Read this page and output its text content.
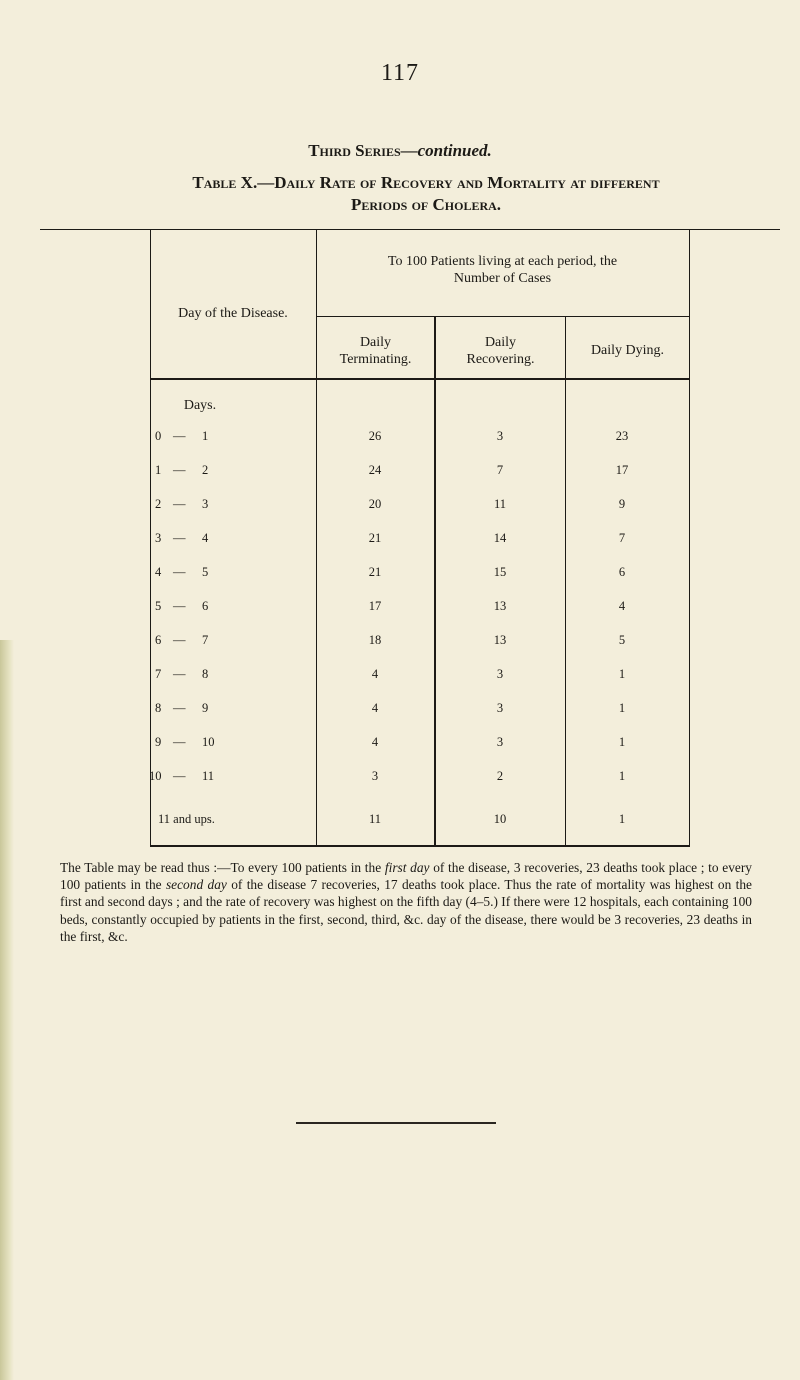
117
Third Series—continued.
Table X.—Daily Rate of Recovery and Mortality at different
Periods of Cholera.
Day of the Disease.
To 100 Patients living at each period, the
Number of Cases
Daily
Terminating.
Daily
Recovering.
Daily Dying.
Days.
0 — 1	26	3	23
1 — 2	24	7	17
2 — 3	20	11	9
3 — 4	21	14	7
4 — 5	21	15	6
5 — 6	17	13	4
6 — 7	18	13	5
7 — 8	4	3	1
8 — 9	4	3	1
9 — 10	4	3	1
10 — 11	3	2	1
11 and ups.	11	10	1
The Table may be read thus :—To every 100 patients in the first day of the disease, 3 recoveries, 23 deaths took place ; to every 100 patients in the second day of the disease 7 recoveries, 17 deaths took place. Thus the rate of mortality was highest on the first and second days ; and the rate of recovery was highest on the fifth day (4–5.) If there were 12 hospitals, each containing 100 beds, constantly occupied by patients in the first, second, third, &c. day of the disease, there would be 3 recoveries, 23 deaths in the first, &c.
